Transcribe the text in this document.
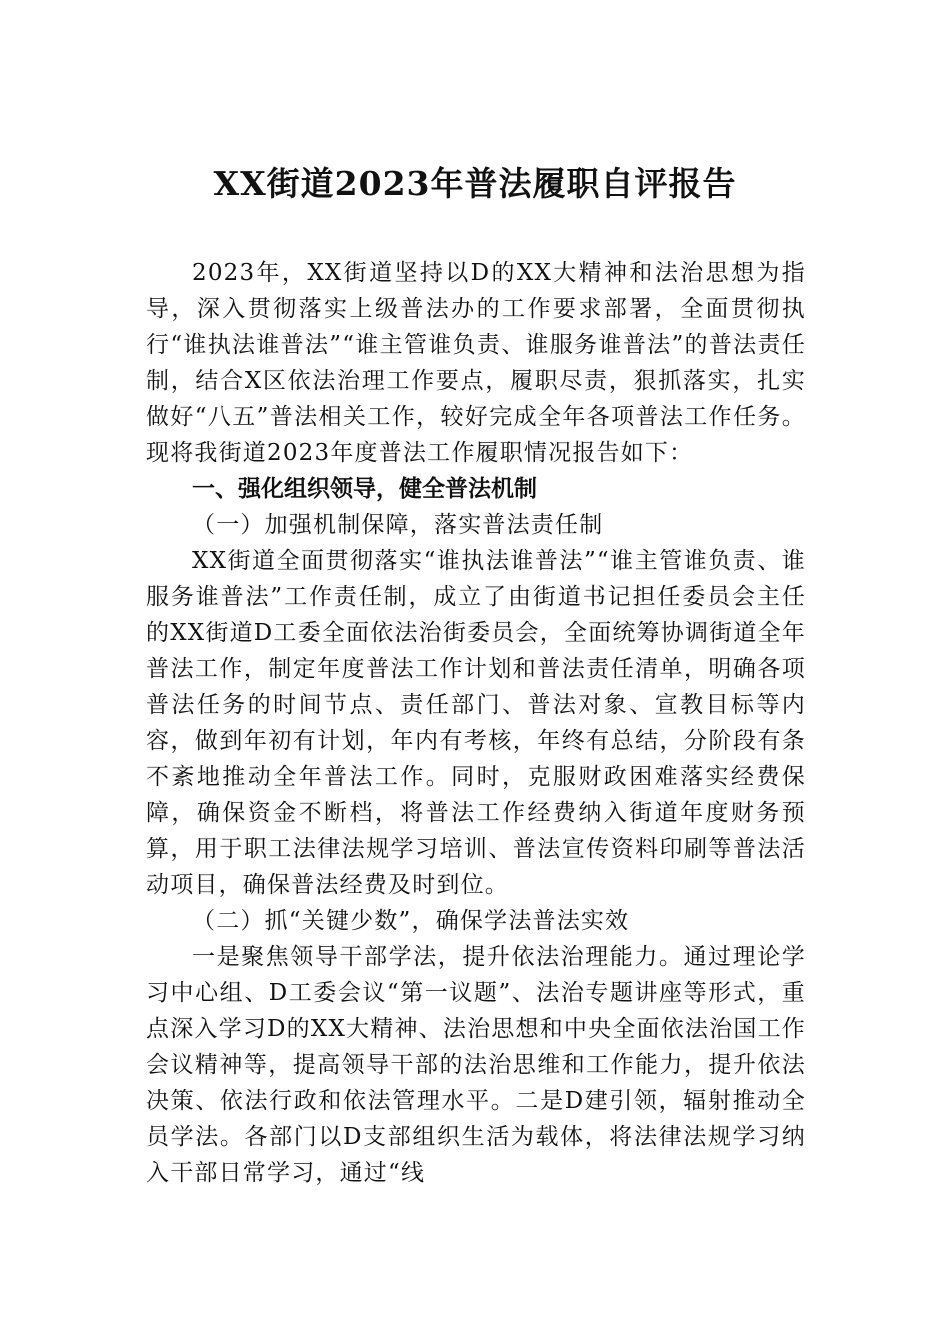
XX街道2023年普法履职自评报告

2023年，XX街道坚持以D的XX大精神和法治思想为指导，深入贯彻落实上级普法办的工作要求部署，全面贯彻执行“谁执法谁普法”“谁主管谁负责、谁服务谁普法”的普法责任制，结合X区依法治理工作要点，履职尽责，狠抓落实，扎实做好“八五”普法相关工作，较好完成全年各项普法工作任务。现将我街道2023年度普法工作履职情况报告如下：

一、强化组织领导，健全普法机制

（一）加强机制保障，落实普法责任制

XX街道全面贯彻落实“谁执法谁普法”“谁主管谁负责、谁服务谁普法”工作责任制，成立了由街道书记担任委员会主任的XX街道D工委全面依法治街委员会，全面统筹协调街道全年普法工作，制定年度普法工作计划和普法责任清单，明确各项普法任务的时间节点、责任部门、普法对象、宣教目标等内容，做到年初有计划，年内有考核，年终有总结，分阶段有条不紊地推动全年普法工作。同时，克服财政困难落实经费保障，确保资金不断档，将普法工作经费纳入街道年度财务预算，用于职工法律法规学习培训、普法宣传资料印刷等普法活动项目，确保普法经费及时到位。

（二）抓“关键少数”，确保学法普法实效

一是聚焦领导干部学法，提升依法治理能力。通过理论学习中心组、D工委会议“第一议题”、法治专题讲座等形式，重点深入学习D的XX大精神、法治思想和中央全面依法治国工作会议精神等，提高领导干部的法治思维和工作能力，提升依法决策、依法行政和依法管理水平。二是D建引领，辐射推动全员学法。各部门以D支部组织生活为载体，将法律法规学习纳入干部日常学习，通过“线
